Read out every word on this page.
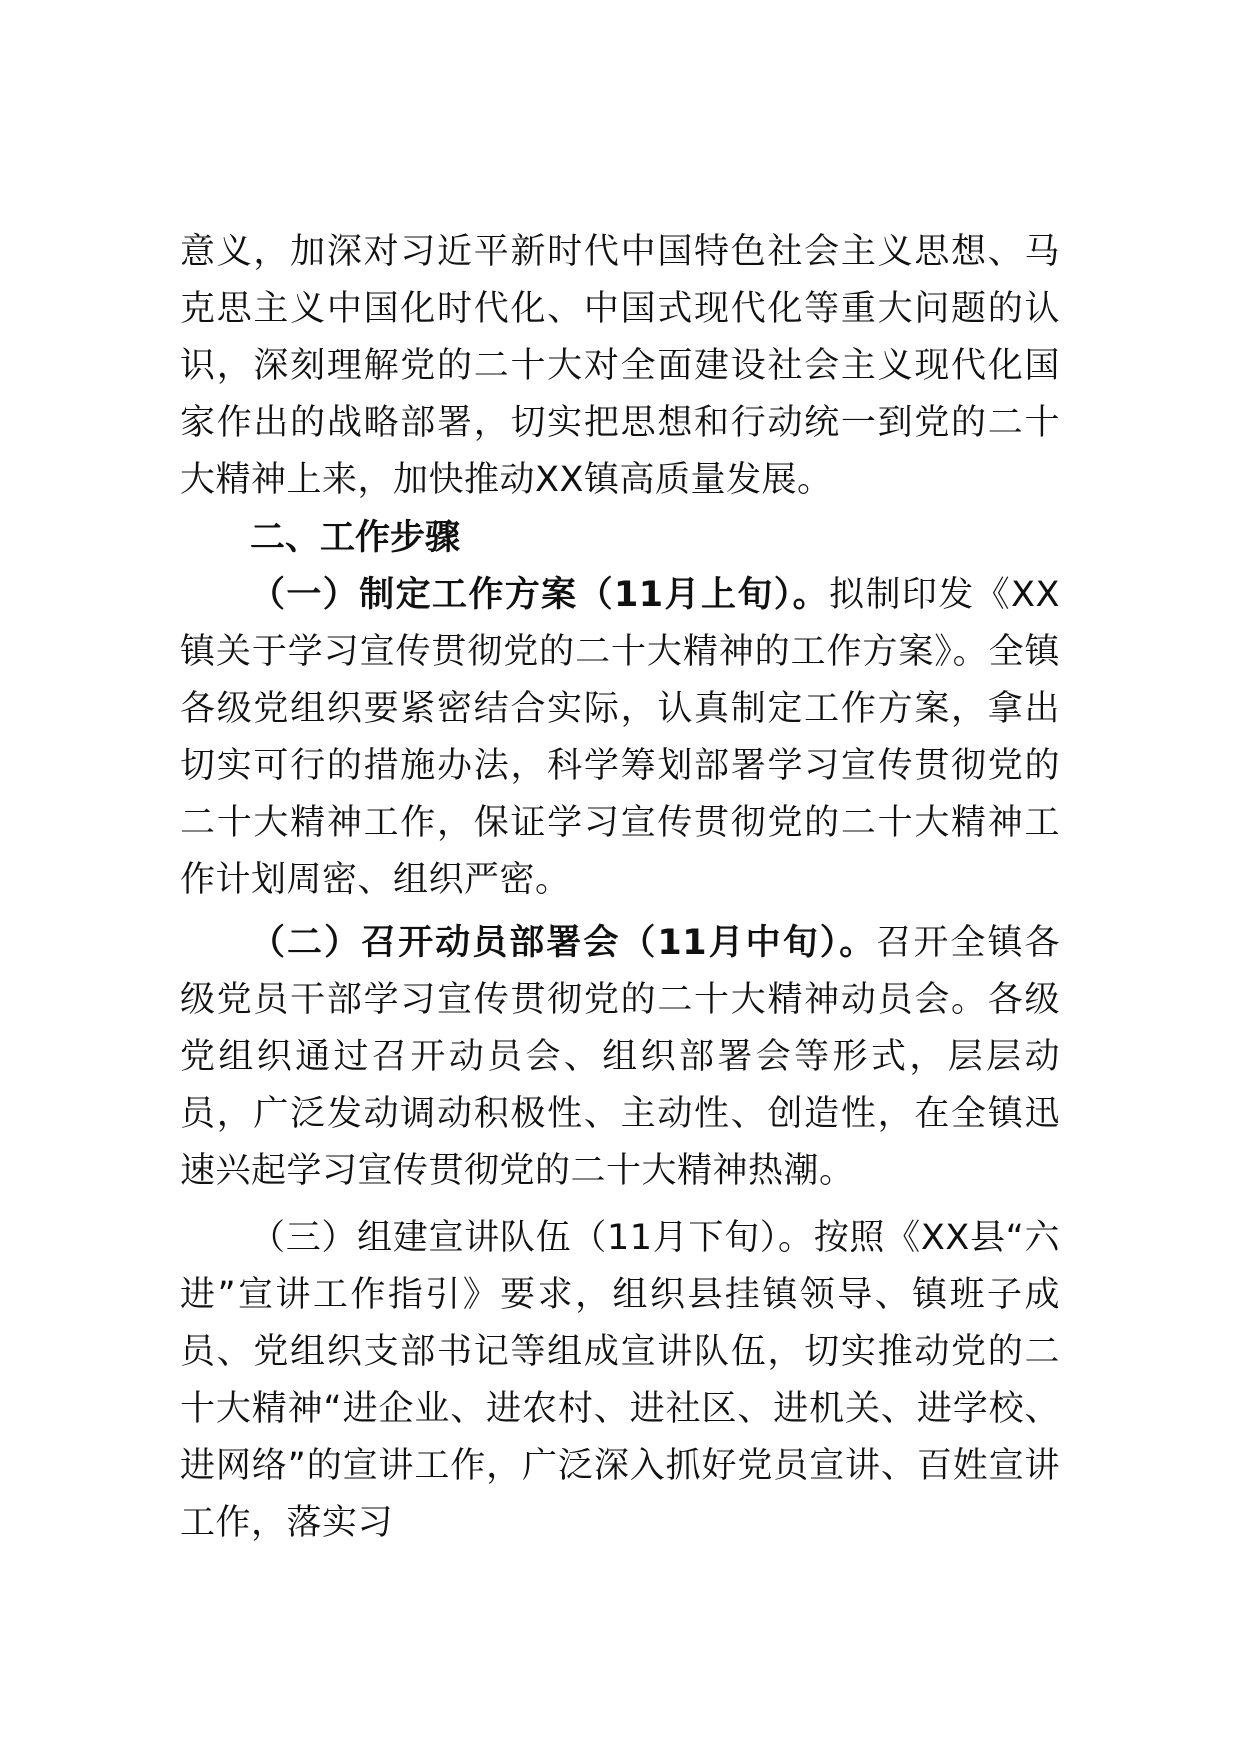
意义，加深对习近平新时代中国特色社会主义思想、马克思主义中国化时代化、中国式现代化等重大问题的认识，深刻理解党的二十大对全面建设社会主义现代化国家作出的战略部署，切实把思想和行动统一到党的二十大精神上来，加快推动XX镇高质量发展。

二、工作步骤

（一）制定工作方案（11月上旬）。拟制印发《XX镇关于学习宣传贯彻党的二十大精神的工作方案》。全镇各级党组织要紧密结合实际，认真制定工作方案，拿出切实可行的措施办法，科学筹划部署学习宣传贯彻党的二十大精神工作，保证学习宣传贯彻党的二十大精神工作计划周密、组织严密。

（二）召开动员部署会（11月中旬）。召开全镇各级党员干部学习宣传贯彻党的二十大精神动员会。各级党组织通过召开动员会、组织部署会等形式，层层动员，广泛发动调动积极性、主动性、创造性，在全镇迅速兴起学习宣传贯彻党的二十大精神热潮。

（三）组建宣讲队伍（11月下旬）。按照《XX县“六进”宣讲工作指引》要求，组织县挂镇领导、镇班子成员、党组织支部书记等组成宣讲队伍，切实推动党的二十大精神“进企业、进农村、进社区、进机关、进学校、进网络”的宣讲工作，广泛深入抓好党员宣讲、百姓宣讲工作，落实习
